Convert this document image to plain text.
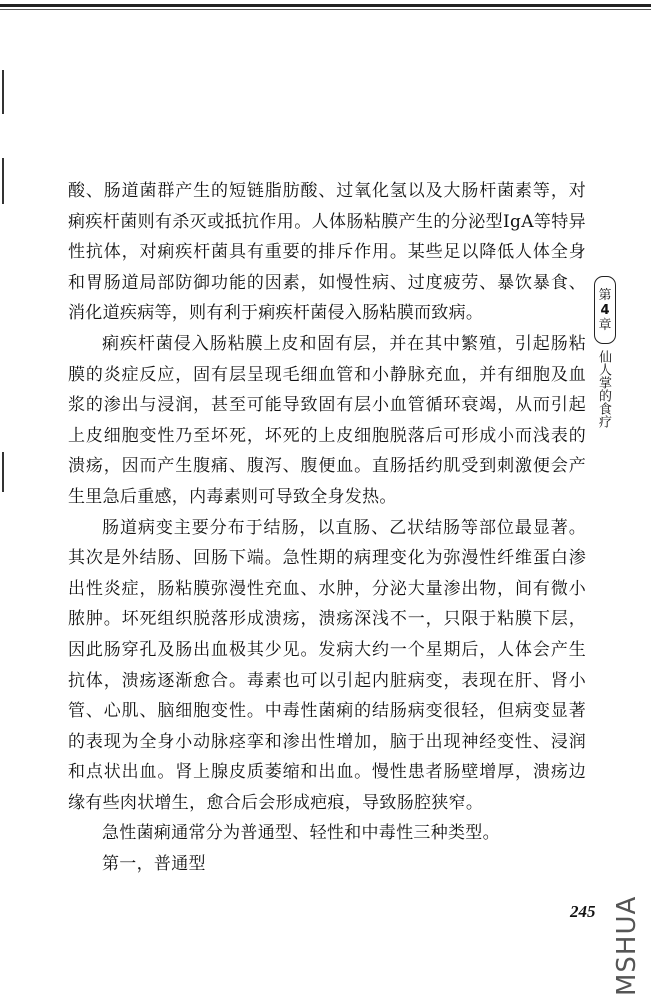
酸、肠道菌群产生的短链脂肪酸、过氧化氢以及大肠杆菌素等，对痢疾杆菌则有杀灭或抵抗作用。人体肠粘膜产生的分泌型IgA等特异性抗体，对痢疾杆菌具有重要的排斥作用。某些足以降低人体全身和胃肠道局部防御功能的因素，如慢性病、过度疲劳、暴饮暴食、消化道疾病等，则有利于痢疾杆菌侵入肠粘膜而致病。

痢疾杆菌侵入肠粘膜上皮和固有层，并在其中繁殖，引起肠粘膜的炎症反应，固有层呈现毛细血管和小静脉充血，并有细胞及血浆的渗出与浸润，甚至可能导致固有层小血管循环衰竭，从而引起上皮细胞变性乃至坏死，坏死的上皮细胞脱落后可形成小而浅表的溃疡，因而产生腹痛、腹泻、腹便血。直肠括约肌受到刺激便会产生里急后重感，内毒素则可导致全身发热。

肠道病变主要分布于结肠，以直肠、乙状结肠等部位最显著。其次是外结肠、回肠下端。急性期的病理变化为弥漫性纤维蛋白渗出性炎症，肠粘膜弥漫性充血、水肿，分泌大量渗出物，间有微小脓肿。坏死组织脱落形成溃疡，溃疡深浅不一，只限于粘膜下层，因此肠穿孔及肠出血极其少见。发病大约一个星期后，人体会产生抗体，溃疡逐渐愈合。毒素也可以引起内脏病变，表现在肝、肾小管、心肌、脑细胞变性。中毒性菌痢的结肠病变很轻，但病变显著的表现为全身小动脉痉挛和渗出性增加，脑于出现神经变性、浸润和点状出血。肾上腺皮质萎缩和出血。慢性患者肠壁增厚，溃疡边缘有些肉状增生，愈合后会形成疤痕，导致肠腔狭窄。

急性菌痢通常分为普通型、轻性和中毒性三种类型。

第一，普通型

第
4
章
仙人掌的食疗
245 MSHUA
